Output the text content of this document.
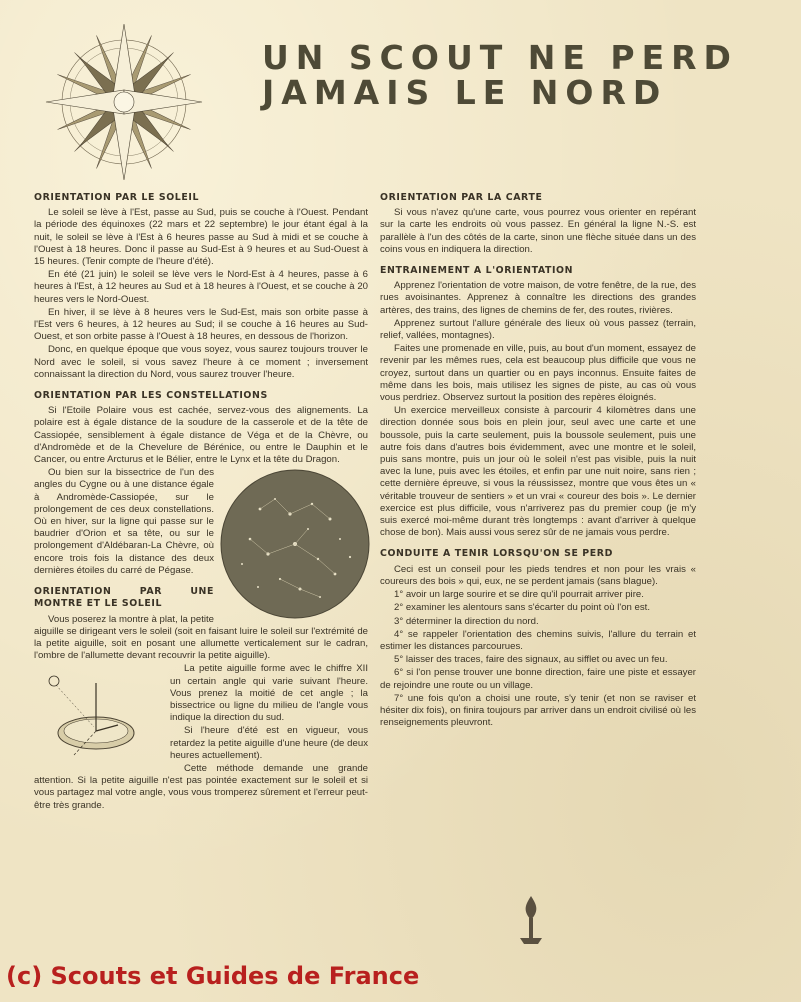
UN SCOUT NE PERD
JAMAIS LE NORD
ORIENTATION PAR LE SOLEIL

Le soleil se lève à l'Est, passe au Sud, puis se couche à l'Ouest. Pendant la période des équinoxes (22 mars et 22 septembre) le jour étant égal à la nuit, le soleil se lève à l'Est à 6 heures passe au Sud à midi et se couche à l'Ouest à 18 heures. Donc il passe au Sud-Est à 9 heures et au Sud-Ouest à 15 heures. (Tenir compte de l'heure d'été).

En été (21 juin) le soleil se lève vers le Nord-Est à 4 heures, passe à 6 heures à l'Est, à 12 heures au Sud et à 18 heures à l'Ouest, et se couche à 20 heures vers le Nord-Ouest.

En hiver, il se lève à 8 heures vers le Sud-Est, mais son orbite passe à l'Est vers 6 heures, à 12 heures au Sud; il se couche à 16 heures au Sud-Ouest, et son orbite passe à l'Ouest à 18 heures, en dessous de l'horizon.

Donc, en quelque époque que vous soyez, vous saurez toujours trouver le Nord avec le soleil, si vous savez l'heure à ce moment ; inversement connaissant la direction du Nord, vous saurez trouver l'heure.

ORIENTATION PAR LES CONSTELLATIONS

Si l'Etoile Polaire vous est cachée, servez-vous des alignements. La polaire est à égale distance de la soudure de la casserole et de la tête de Cassiopée, sensiblement à égale distance de Véga et de la Chèvre, ou d'Andromède et de la Chevelure de Bérénice, ou entre le Dauphin et le Cancer, ou entre Arcturus et le Bélier, entre le Lynx et la tête du Dragon.

Ou bien sur la bissectrice de l'un des angles du Cygne ou à une distance égale à Andromède-Cassiopée, sur le prolongement de ces deux constellations. Où en hiver, sur la ligne qui passe sur le baudrier d'Orion et sa tête, ou sur le prolongement d'Aldébaran-La Chèvre, où encore trois fois la distance des deux dernières étoiles du carré de Pégase.

ORIENTATION PAR UNE MONTRE ET LE SOLEIL

Vous poserez la montre à plat, la petite aiguille se dirigeant vers le soleil (soit en faisant luire le soleil sur l'extrémité de la petite aiguille, soit en posant une allumette verticalement sur le cadran, l'ombre de l'allumette devant recouvrir la petite aiguille).

La petite aiguille forme avec le chiffre XII un certain angle qui varie suivant l'heure. Vous prenez la moitié de cet angle ; la bissectrice ou ligne du milieu de l'angle vous indique la direction du sud.

Si l'heure d'été est en vigueur, vous retardez la petite aiguille d'une heure (de deux heures actuellement).

Cette méthode demande une grande attention. Si la petite aiguille n'est pas pointée exactement sur le soleil et si vous partagez mal votre angle, vous vous tromperez sûrement et l'erreur peut-être très grande.

ORIENTATION PAR LA CARTE

Si vous n'avez qu'une carte, vous pourrez vous orienter en repérant sur la carte les endroits où vous passez. En général la ligne N.-S. est parallèle à l'un des côtés de la carte, sinon une flèche située dans un des coins vous en indiquera la direction.

ENTRAINEMENT A L'ORIENTATION

Apprenez l'orientation de votre maison, de votre fenêtre, de la rue, des rues avoisinantes. Apprenez à connaître les directions des grandes artères, des trains, des lignes de chemins de fer, des routes, rivières.

Apprenez surtout l'allure générale des lieux où vous passez (terrain, relief, vallées, montagnes).

Faites une promenade en ville, puis, au bout d'un moment, essayez de revenir par les mêmes rues, cela est beaucoup plus difficile que vous ne croyez, surtout dans un quartier ou en pays inconnus. Ensuite faites de même dans les bois, mais utilisez les signes de piste, au cas où vous vous perdriez. Observez surtout la position des repères éloignés.

Un exercice merveilleux consiste à parcourir 4 kilomètres dans une direction donnée sous bois en plein jour, seul avec une carte et une boussole, puis la carte seulement, puis la boussole seulement, puis une autre fois dans d'autres bois évidemment, avec une montre et le soleil, puis sans montre, puis un jour où le soleil n'est pas visible, puis la nuit avec la lune, puis avec les étoiles, et enfin par une nuit noire, sans rien ; cette dernière épreuve, si vous la réussissez, montre que vous êtes un « véritable trouveur de sentiers » et un vrai « coureur des bois ». Le dernier exercice est plus difficile, vous n'arriverez pas du premier coup (je m'y suis exercé moi-même durant très longtemps : avant d'arriver à quelque chose de bon). Mais aussi vous serez sûr de ne jamais vous perdre.

CONDUITE A TENIR LORSQU'ON SE PERD

Ceci est un conseil pour les pieds tendres et non pour les vrais « coureurs des bois » qui, eux, ne se perdent jamais (sans blague).

1° avoir un large sourire et se dire qu'il pourrait arriver pire.

2° examiner les alentours sans s'écarter du point où l'on est.

3° déterminer la direction du nord.

4° se rappeler l'orientation des chemins suivis, l'allure du terrain et estimer les distances parcourues.

5° laisser des traces, faire des signaux, au sifflet ou avec un feu.

6° si l'on pense trouver une bonne direction, faire une piste et essayer de rejoindre une route ou un village.

7° une fois qu'on a choisi une route, s'y tenir (et non se raviser et hésiter dix fois), on finira toujours par arriver dans un endroit civilisé où les renseignements pleuvront.

(c) Scouts et Guides de France
